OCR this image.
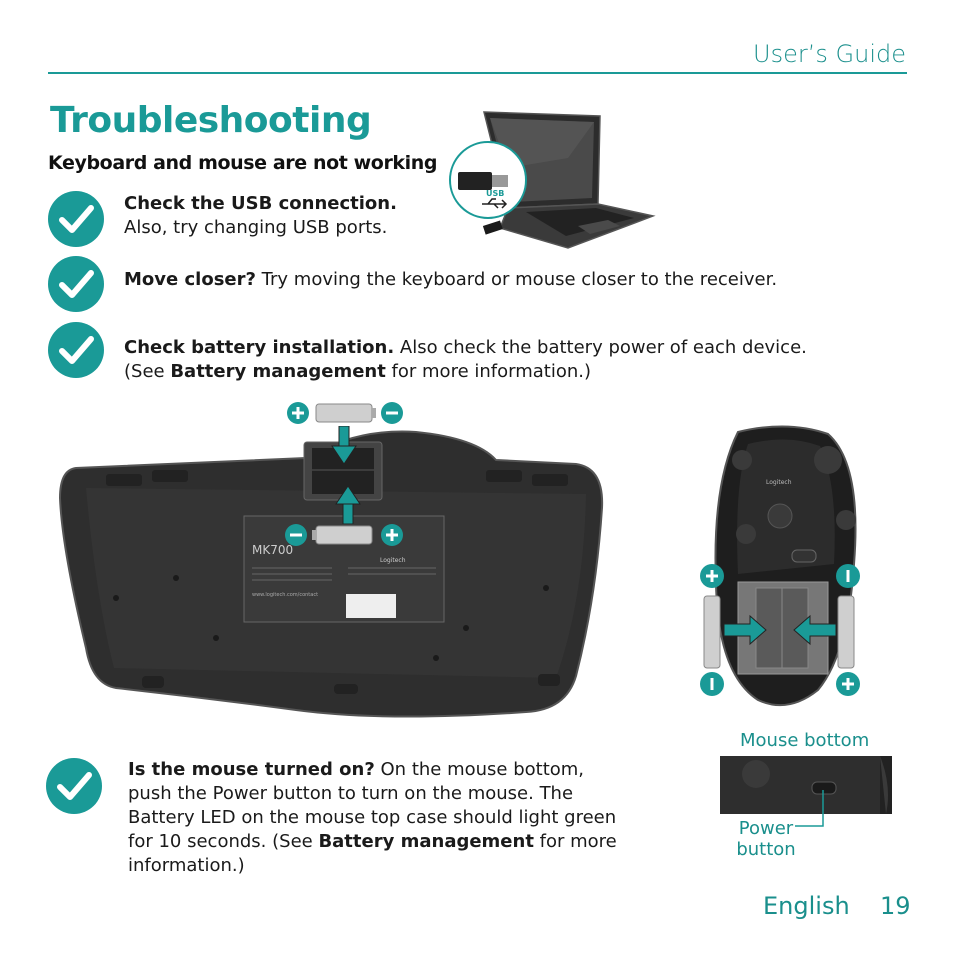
User’s Guide
Troubleshooting
Keyboard and mouse are not working
Check the USB connection.
Also, try changing USB ports.
Move closer? Try moving the keyboard or mouse closer to the receiver.
Check battery installation. Also check the battery power of each device. (See Battery management for more information.)
Is the mouse turned on? On the mouse bottom, push the Power button to turn on the mouse. The Battery LED on the mouse top case should light green for 10 seconds. (See Battery management for more information.)
USB
MK700
Logitech
www.logitech.com/contact
Logitech
Mouse bottom
Power
button
English 19
